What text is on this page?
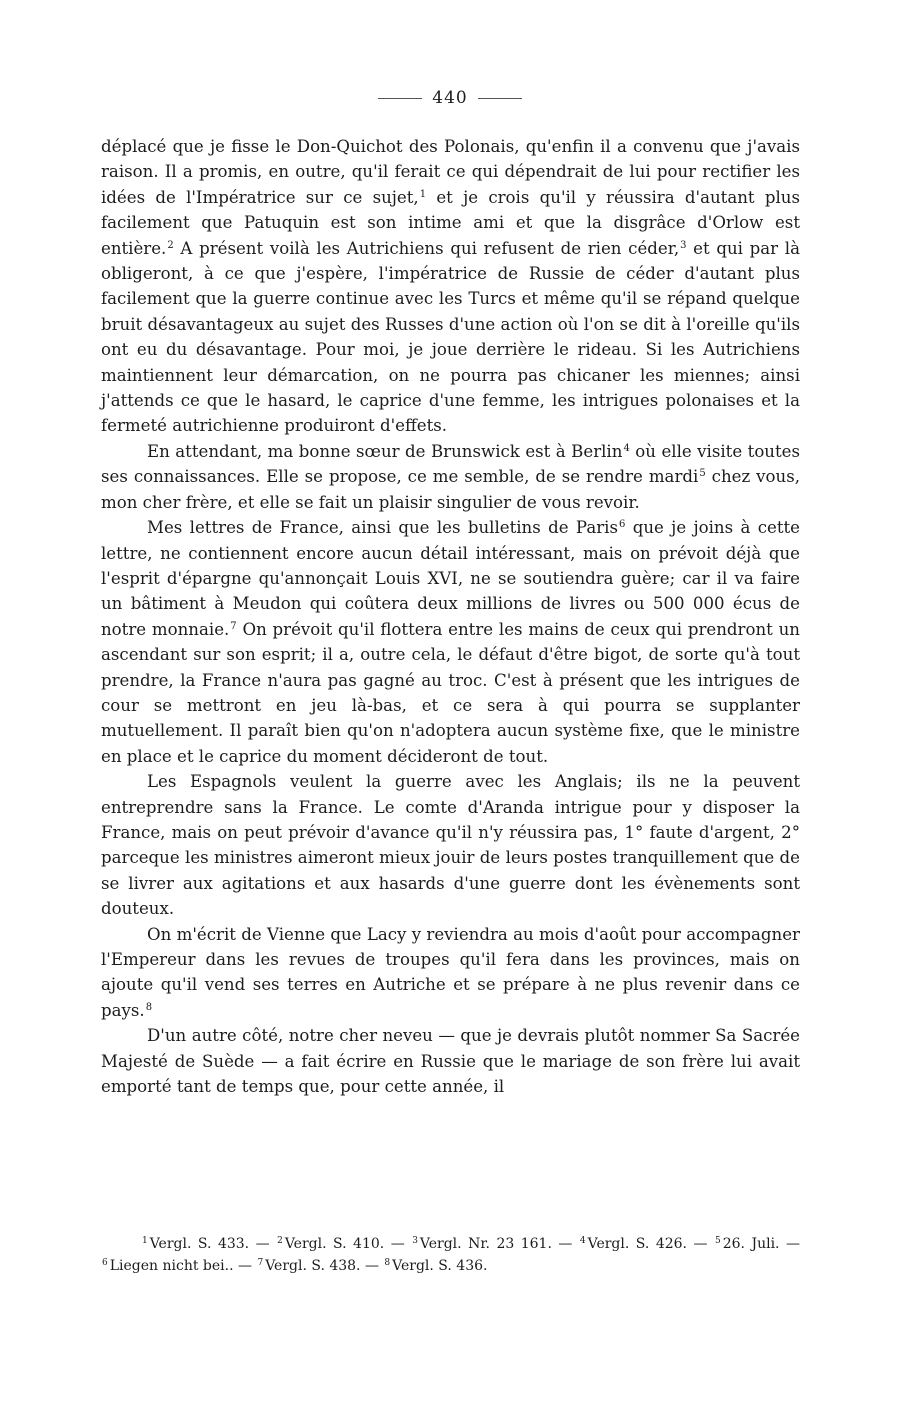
440

déplacé que je fisse le Don-Quichot des Polonais, qu'enfin il a convenu que j'avais raison. Il a promis, en outre, qu'il ferait ce qui dépendrait de lui pour rectifier les idées de l'Impératrice sur ce sujet,$^1$ et je crois qu'il y réussira d'autant plus facilement que Patuquin est son intime ami et que la disgrâce d'Orlow est entière.$^2$ A présent voilà les Autrichiens qui refusent de rien céder,$^3$ et qui par là obligeront, à ce que j'espère, l'impératrice de Russie de céder d'autant plus facilement que la guerre continue avec les Turcs et même qu'il se répand quelque bruit désavantageux au sujet des Russes d'une action où l'on se dit à l'oreille qu'ils ont eu du désavantage. Pour moi, je joue derrière le rideau. Si les Autrichiens maintiennent leur démarcation, on ne pourra pas chicaner les miennes; ainsi j'attends ce que le hasard, le caprice d'une femme, les intrigues polonaises et la fermeté autrichienne produiront d'effets.

En attendant, ma bonne sœur de Brunswick est à Berlin$^4$ où elle visite toutes ses connaissances. Elle se propose, ce me semble, de se rendre mardi$^5$ chez vous, mon cher frère, et elle se fait un plaisir singulier de vous revoir.

Mes lettres de France, ainsi que les bulletins de Paris$^6$ que je joins à cette lettre, ne contiennent encore aucun détail intéressant, mais on prévoit déjà que l'esprit d'épargne qu'annonçait Louis XVI, ne se soutiendra guère; car il va faire un bâtiment à Meudon qui coûtera deux millions de livres ou 500 000 écus de notre monnaie.$^7$ On prévoit qu'il flottera entre les mains de ceux qui prendront un ascendant sur son esprit; il a, outre cela, le défaut d'être bigot, de sorte qu'à tout prendre, la France n'aura pas gagné au troc. C'est à présent que les intrigues de cour se mettront en jeu là-bas, et ce sera à qui pourra se supplanter mutuellement. Il paraît bien qu'on n'adoptera aucun système fixe, que le ministre en place et le caprice du moment décideront de tout.

Les Espagnols veulent la guerre avec les Anglais; ils ne la peuvent entreprendre sans la France. Le comte d'Aranda intrigue pour y disposer la France, mais on peut prévoir d'avance qu'il n'y réussira pas, 1° faute d'argent, 2° parceque les ministres aimeront mieux jouir de leurs postes tranquillement que de se livrer aux agitations et aux hasards d'une guerre dont les évènements sont douteux.

On m'écrit de Vienne que Lacy y reviendra au mois d'août pour accompagner l'Empereur dans les revues de troupes qu'il fera dans les provinces, mais on ajoute qu'il vend ses terres en Autriche et se prépare à ne plus revenir dans ce pays.$^8$

D'un autre côté, notre cher neveu — que je devrais plutôt nommer Sa Sacrée Majesté de Suède — a fait écrire en Russie que le mariage de son frère lui avait emporté tant de temps que, pour cette année, il

$^1$ Vergl. S. 433. — $^2$ Vergl. S. 410. — $^3$ Vergl. Nr. 23 161. — $^4$ Vergl. S. 426. — $^5$ 26. Juli. — $^6$ Liegen nicht bei.. — $^7$ Vergl. S. 438. — $^8$ Vergl. S. 436.
